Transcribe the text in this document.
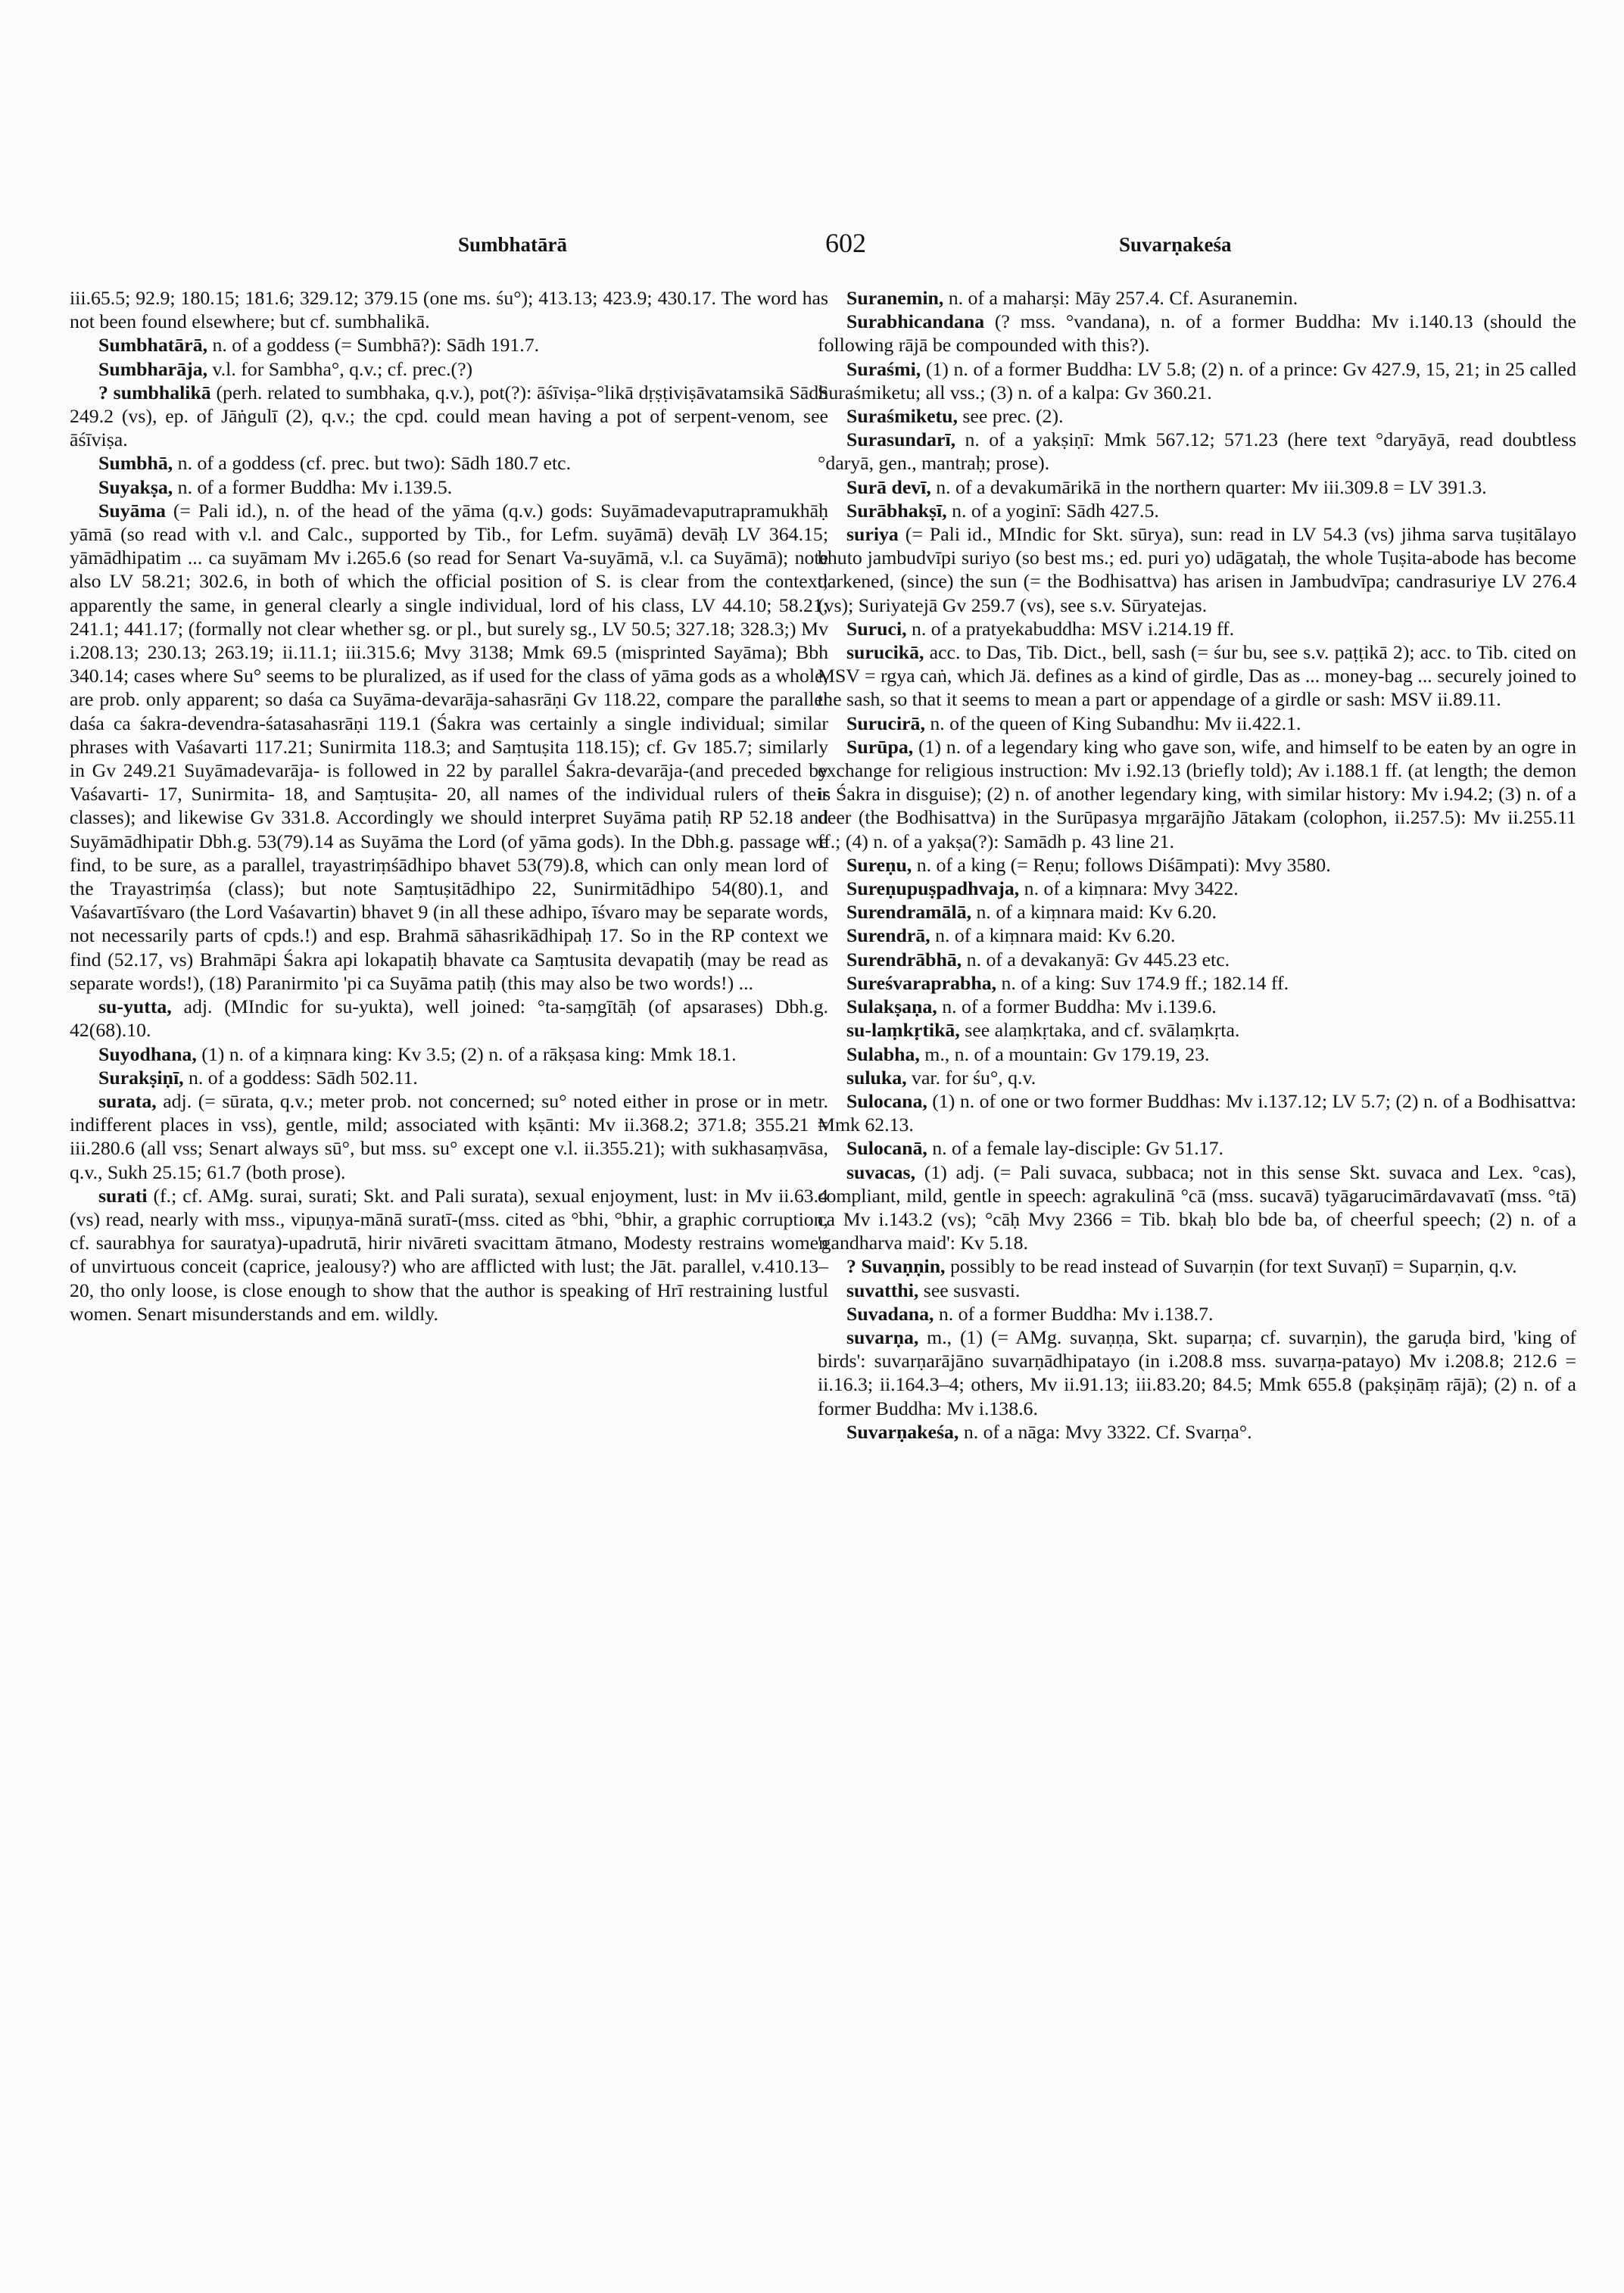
Sumbhatārā	602	Suvarṇakeśa

iii.65.5; 92.9; 180.15; 181.6; 329.12; 379.15 (one ms. śu°); 413.13; 423.9; 430.17. The word has not been found elsewhere; but cf. sumbhalikā.

Sumbhatārā, n. of a goddess (= Sumbhā?): Sādh 191.7.

Sumbharāja, v.l. for Sambha°, q.v.; cf. prec.(?)

? sumbhalikā (perh. related to sumbhaka, q.v.), pot(?): āśīviṣa-°likā dṛṣṭiviṣāvatamsikā Sādh 249.2 (vs), ep. of Jāṅgulī (2), q.v.; the cpd. could mean having a pot of serpent-venom, see āśīviṣa.

Sumbhā, n. of a goddess (cf. prec. but two): Sādh 180.7 etc.

Suyakṣa, n. of a former Buddha: Mv i.139.5.

Suyāma (= Pali id.), n. of the head of the yāma (q.v.) gods: Suyāmadevaputrapramukhāḥ yāmā (so read with v.l. and Calc., supported by Tib., for Lefm. suyāmā) devāḥ LV 364.15; yāmādhipatim ... ca suyāmam Mv i.265.6 (so read for Senart Va-suyāmā, v.l. ca Suyāmā); note also LV 58.21; 302.6, in both of which the official position of S. is clear from the context; apparently the same, in general clearly a single individual, lord of his class, LV 44.10; 58.21; 241.1; 441.17; (formally not clear whether sg. or pl., but surely sg., LV 50.5; 327.18; 328.3;) Mv i.208.13; 230.13; 263.19; ii.11.1; iii.315.6; Mvy 3138; Mmk 69.5 (misprinted Sayāma); Bbh 340.14; cases where Su° seems to be pluralized, as if used for the class of yāma gods as a whole, are prob. only apparent; so daśa ca Suyāma-devarāja-sahasrāṇi Gv 118.22, compare the parallel daśa ca śakra-devendra-śatasahasrāṇi 119.1 (Śakra was certainly a single individual; similar phrases with Vaśavarti 117.21; Sunirmita 118.3; and Saṃtuṣita 118.15); cf. Gv 185.7; similarly in Gv 249.21 Suyāmadevarāja- is followed in 22 by parallel Śakra-devarāja-(and preceded by Vaśavarti- 17, Sunirmita- 18, and Saṃtuṣita- 20, all names of the individual rulers of their classes); and likewise Gv 331.8. Accordingly we should interpret Suyāma patiḥ RP 52.18 and Suyāmādhipatir Dbh.g. 53(79).14 as Suyāma the Lord (of yāma gods). In the Dbh.g. passage we find, to be sure, as a parallel, trayastriṃśādhipo bhavet 53(79).8, which can only mean lord of the Trayastriṃśa (class); but note Saṃtuṣitādhipo 22, Sunirmitādhipo 54(80).1, and Vaśavartīśvaro (the Lord Vaśavartin) bhavet 9 (in all these adhipo, īśvaro may be separate words, not necessarily parts of cpds.!) and esp. Brahmā sāhasrikādhipaḥ 17. So in the RP context we find (52.17, vs) Brahmāpi Śakra api lokapatiḥ bhavate ca Saṃtusita devapatiḥ (may be read as separate words!), (18) Paranirmito 'pi ca Suyāma patiḥ (this may also be two words!) ...

su-yutta, adj. (MIndic for su-yukta), well joined: °ta-saṃgītāḥ (of apsarases) Dbh.g. 42(68).10.

Suyodhana, (1) n. of a kiṃnara king: Kv 3.5; (2) n. of a rākṣasa king: Mmk 18.1.

Surakṣiṇī, n. of a goddess: Sādh 502.11.

surata, adj. (= sūrata, q.v.; meter prob. not concerned; su° noted either in prose or in metr. indifferent places in vss), gentle, mild; associated with kṣānti: Mv ii.368.2; 371.8; 355.21 = iii.280.6 (all vss; Senart always sū°, but mss. su° except one v.l. ii.355.21); with sukhasaṃvāsa, q.v., Sukh 25.15; 61.7 (both prose).

surati (f.; cf. AMg. surai, surati; Skt. and Pali surata), sexual enjoyment, lust: in Mv ii.63.4 (vs) read, nearly with mss., vipuṇya-mānā suratī-(mss. cited as °bhi, °bhir, a graphic corruption, cf. saurabhya for sauratya)-upadrutā, hirir nivāreti svacittam ātmano, Modesty restrains women of unvirtuous conceit (caprice, jealousy?) who are afflicted with lust; the Jāt. parallel, v.410.13–20, tho only loose, is close enough to show that the author is speaking of Hrī restraining lustful women. Senart misunderstands and em. wildly.

Suranemin, n. of a maharṣi: Māy 257.4. Cf. Asuranemin.

Surabhicandana (? mss. °vandana), n. of a former Buddha: Mv i.140.13 (should the following rājā be compounded with this?).

Suraśmi, (1) n. of a former Buddha: LV 5.8; (2) n. of a prince: Gv 427.9, 15, 21; in 25 called Suraśmiketu; all vss.; (3) n. of a kalpa: Gv 360.21.

Suraśmiketu, see prec. (2).

Surasundarī, n. of a yakṣiṇī: Mmk 567.12; 571.23 (here text °daryāyā, read doubtless °daryā, gen., mantraḥ; prose).

Surā devī, n. of a devakumārikā in the northern quarter: Mv iii.309.8 = LV 391.3.

Surābhakṣī, n. of a yoginī: Sādh 427.5.

suriya (= Pali id., MIndic for Skt. sūrya), sun: read in LV 54.3 (vs) jihma sarva tuṣitālayo bhuto jambudvīpi suriyo (so best ms.; ed. puri yo) udāgataḥ, the whole Tuṣita-abode has become darkened, (since) the sun (= the Bodhisattva) has arisen in Jambudvīpa; candrasuriye LV 276.4 (vs); Suriyatejā Gv 259.7 (vs), see s.v. Sūryatejas.

Suruci, n. of a pratyekabuddha: MSV i.214.19 ff.

surucikā, acc. to Das, Tib. Dict., bell, sash (= śur bu, see s.v. paṭṭikā 2); acc. to Tib. cited on MSV = rgya caṅ, which Jä. defines as a kind of girdle, Das as ... money-bag ... securely joined to the sash, so that it seems to mean a part or appendage of a girdle or sash: MSV ii.89.11.

Surucirā, n. of the queen of King Subandhu: Mv ii.422.1.

Surūpa, (1) n. of a legendary king who gave son, wife, and himself to be eaten by an ogre in exchange for religious instruction: Mv i.92.13 (briefly told); Av i.188.1 ff. (at length; the demon is Śakra in disguise); (2) n. of another legendary king, with similar history: Mv i.94.2; (3) n. of a deer (the Bodhisattva) in the Surūpasya mṛgarājño Jātakam (colophon, ii.257.5): Mv ii.255.11 ff.; (4) n. of a yakṣa(?): Samādh p. 43 line 21.

Sureṇu, n. of a king (= Reṇu; follows Diśāmpati): Mvy 3580.

Sureṇupuṣpadhvaja, n. of a kiṃnara: Mvy 3422.

Surendramālā, n. of a kiṃnara maid: Kv 6.20.

Surendrā, n. of a kiṃnara maid: Kv 6.20.

Surendrābhā, n. of a devakanyā: Gv 445.23 etc.

Sureśvaraprabha, n. of a king: Suv 174.9 ff.; 182.14 ff.

Sulakṣaṇa, n. of a former Buddha: Mv i.139.6.

su-laṃkṛtikā, see alaṃkṛtaka, and cf. svālaṃkṛta.

Sulabha, m., n. of a mountain: Gv 179.19, 23.

suluka, var. for śu°, q.v.

Sulocana, (1) n. of one or two former Buddhas: Mv i.137.12; LV 5.7; (2) n. of a Bodhisattva: Mmk 62.13.

Sulocanā, n. of a female lay-disciple: Gv 51.17.

suvacas, (1) adj. (= Pali suvaca, subbaca; not in this sense Skt. suvaca and Lex. °cas), compliant, mild, gentle in speech: agrakulinā °cā (mss. sucavā) tyāgarucimārdavavatī (mss. °tā) ca Mv i.143.2 (vs); °cāḥ Mvy 2366 = Tib. bkaḥ blo bde ba, of cheerful speech; (2) n. of a 'gandharva maid': Kv 5.18.

? Suvaṇṇin, possibly to be read instead of Suvarṇin (for text Suvaṇī) = Suparṇin, q.v.

suvatthi, see susvasti.

Suvadana, n. of a former Buddha: Mv i.138.7.

suvarṇa, m., (1) (= AMg. suvaṇṇa, Skt. suparṇa; cf. suvarṇin), the garuḍa bird, 'king of birds': suvarṇarājāno suvarṇādhipatayo (in i.208.8 mss. suvarṇa-patayo) Mv i.208.8; 212.6 = ii.16.3; ii.164.3–4; others, Mv ii.91.13; iii.83.20; 84.5; Mmk 655.8 (pakṣiṇāṃ rājā); (2) n. of a former Buddha: Mv i.138.6.

Suvarṇakeśa, n. of a nāga: Mvy 3322. Cf. Svarṇa°.
